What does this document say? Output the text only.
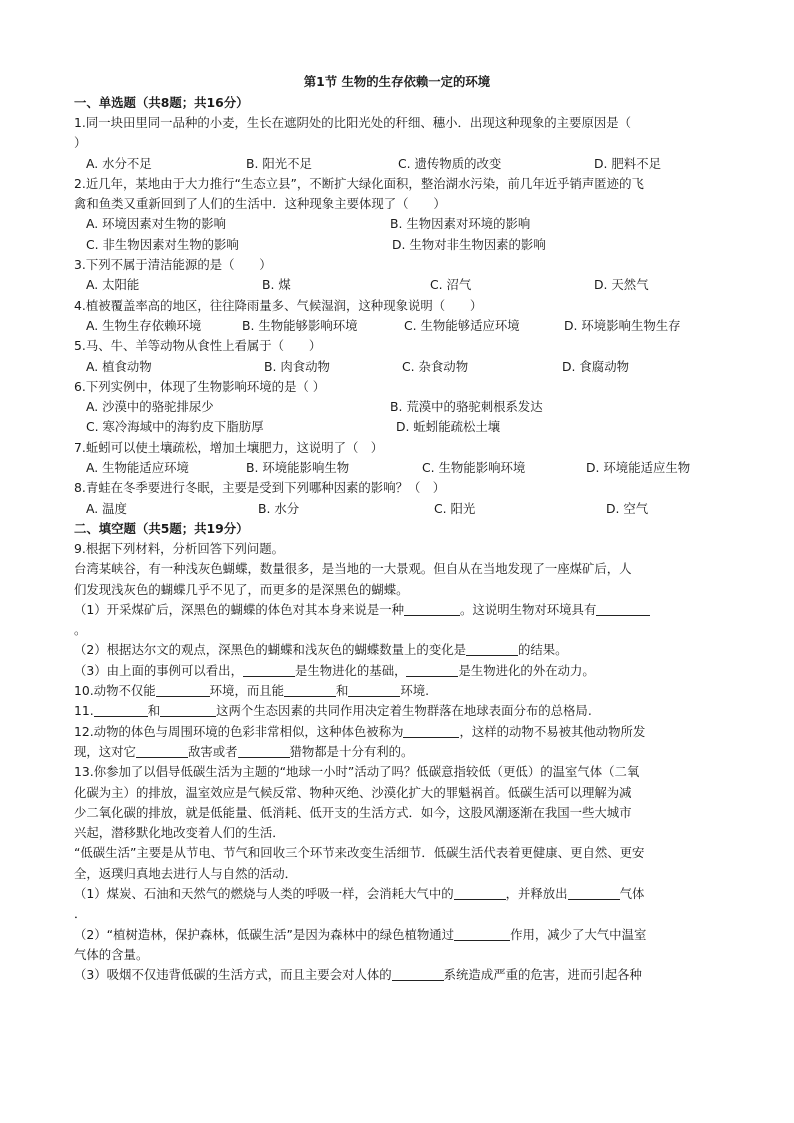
第1节 生物的生存依赖一定的环境
一、单选题（共8题；共16分）
1.同一块田里同一品种的小麦，生长在遮阴处的比阳光处的秆细、穗小．出现这种现象的主要原因是（
）
A. 水分不足	B. 阳光不足	C. 遗传物质的改变	D. 肥料不足
2.近几年，某地由于大力推行“生态立县”，不断扩大绿化面积，整治湖水污染，前几年近乎销声匿迹的飞
禽和鱼类又重新回到了人们的生活中．这种现象主要体现了（　　）
A. 环境因素对生物的影响	B. 生物因素对环境的影响
C. 非生物因素对生物的影响	D. 生物对非生物因素的影响
3.下列不属于清洁能源的是（　　）
A. 太阳能	B. 煤	C. 沼气	D. 天然气
4.植被覆盖率高的地区，往往降雨量多、气候湿润，这种现象说明（　　）
A. 生物生存依赖环境	B. 生物能够影响环境	C. 生物能够适应环境	D. 环境影响生物生存
5.马、牛、羊等动物从食性上看属于（　　）
A. 植食动物	B. 肉食动物	C. 杂食动物	D. 食腐动物
6.下列实例中，体现了生物影响环境的是（ ）
A. 沙漠中的骆驼排尿少	B. 荒漠中的骆驼刺根系发达
C. 寒冷海域中的海豹皮下脂肪厚	D. 蚯蚓能疏松土壤
7.蚯蚓可以使土壤疏松，增加土壤肥力，这说明了（　）
A. 生物能适应环境	B. 环境能影响生物	C. 生物能影响环境	D. 环境能适应生物
8.青蛙在冬季要进行冬眠，主要是受到下列哪种因素的影响？（　）
A. 温度	B. 水分	C. 阳光	D. 空气
二、填空题（共5题；共19分）
9.根据下列材料，分析回答下列问题。
台湾某峡谷，有一种浅灰色蝴蝶，数量很多，是当地的一大景观。但自从在当地发现了一座煤矿后，人
们发现浅灰色的蝴蝶几乎不见了，而更多的是深黑色的蝴蝶。
（1）开采煤矿后，深黑色的蝴蝶的体色对其本身来说是一种	。这说明生物对环境具有
。
（2）根据达尔文的观点，深黑色的蝴蝶和浅灰色的蝴蝶数量上的变化是	的结果。
（3）由上面的事例可以看出，	是生物进化的基础，	是生物进化的外在动力。
10.动物不仅能	环境，而且能	和	环境.
11.	和	这两个生态因素的共同作用决定着生物群落在地球表面分布的总格局.
12.动物的体色与周围环境的色彩非常相似，这种体色被称为	，这样的动物不易被其他动物所发
现，这对它	敌害或者	猎物都是十分有利的。
13.你参加了以倡导低碳生活为主题的“地球一小时”活动了吗？低碳意指较低（更低）的温室气体（二氧
化碳为主）的排放，温室效应是气候反常、物种灭绝、沙漠化扩大的罪魁祸首。低碳生活可以理解为减
少二氧化碳的排放，就是低能量、低消耗、低开支的生活方式．如今，这股风潮逐渐在我国一些大城市
兴起，潜移默化地改变着人们的生活．
“低碳生活”主要是从节电、节气和回收三个环节来改变生活细节．低碳生活代表着更健康、更自然、更安
全，返璞归真地去进行人与自然的活动．
（1）煤炭、石油和天然气的燃烧与人类的呼吸一样，会消耗大气中的	，并释放出	气体
．
（2）“植树造林，保护森林，低碳生活”是因为森林中的绿色植物通过	作用，减少了大气中温室
气体的含量。
（3）吸烟不仅违背低碳的生活方式，而且主要会对人体的	系统造成严重的危害，进而引起各种
